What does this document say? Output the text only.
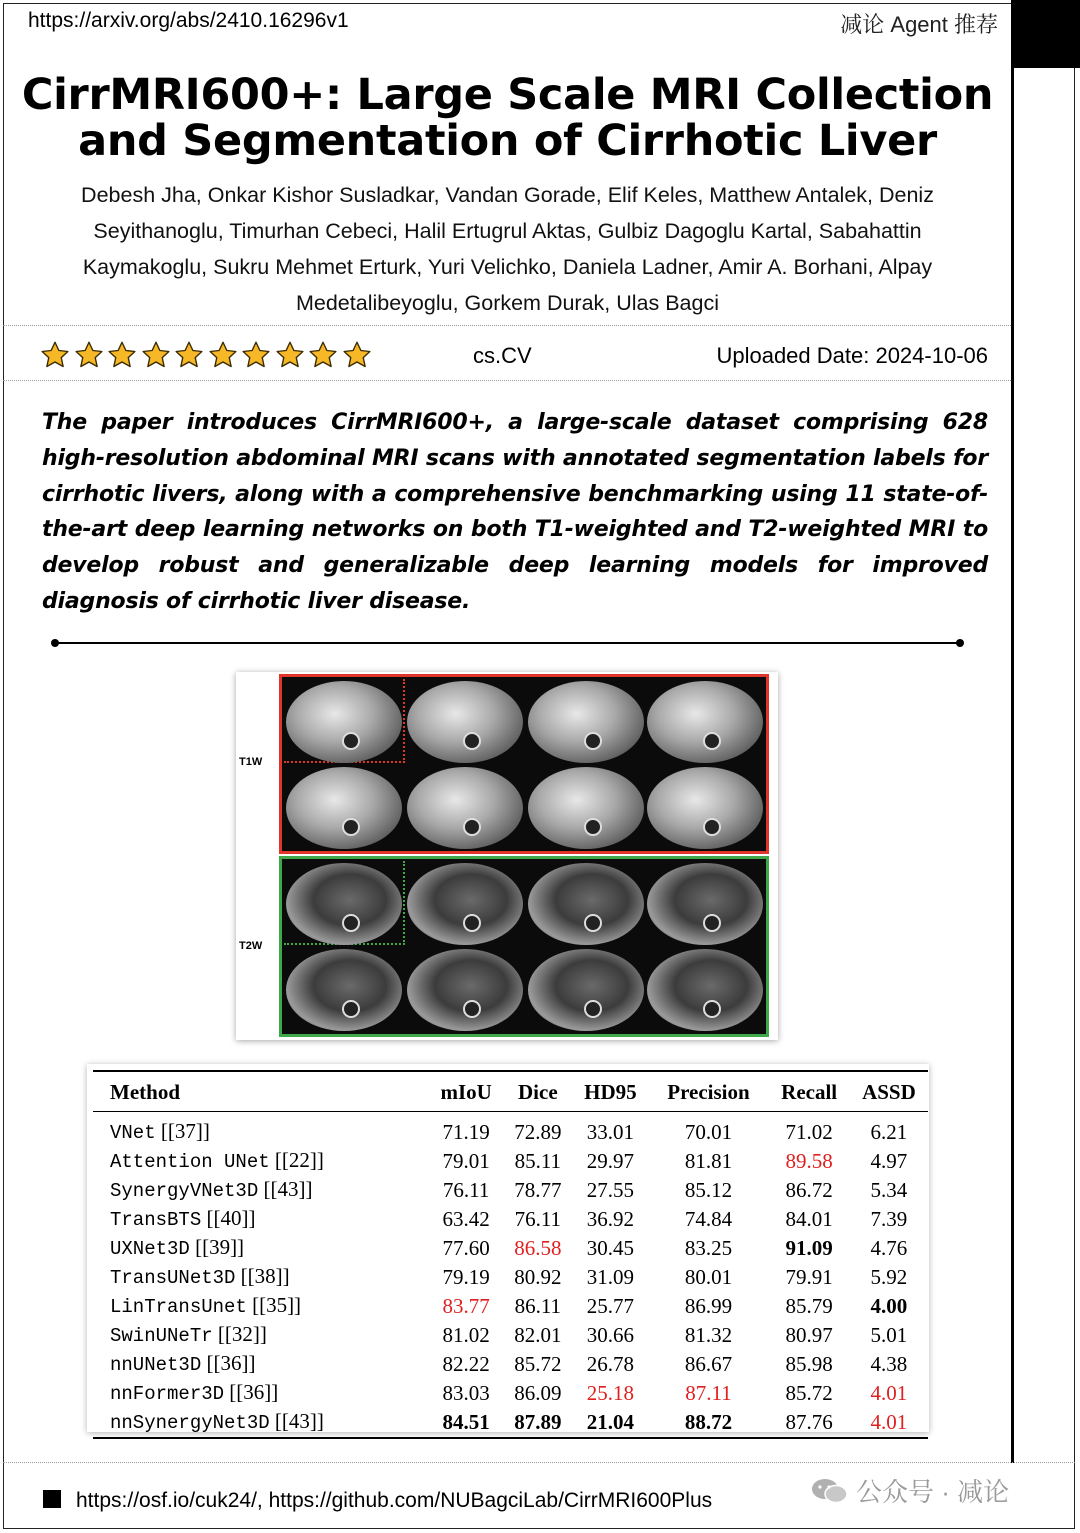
https://arxiv.org/abs/2410.16296v1	减论 Agent 推荐
CirrMRI600+: Large Scale MRI Collection and Segmentation of Cirrhotic Liver
Debesh Jha, Onkar Kishor Susladkar, Vandan Gorade, Elif Keles, Matthew Antalek, Deniz Seyithanoglu, Timurhan Cebeci, Halil Ertugrul Aktas, Gulbiz Dagoglu Kartal, Sabahattin Kaymakoglu, Sukru Mehmet Erturk, Yuri Velichko, Daniela Ladner, Amir A. Borhani, Alpay Medetalibeyoglu, Gorkem Durak, Ulas Bagci
cs.CV	Uploaded Date: 2024-10-06

The paper introduces CirrMRI600+, a large-scale dataset comprising 628 high-resolution abdominal MRI scans with annotated segmentation labels for cirrhotic livers, along with a comprehensive benchmarking using 11 state-of-the-art deep learning networks on both T1-weighted and T2-weighted MRI to develop robust and generalizable deep learning models for improved diagnosis of cirrhotic liver disease.

T1W
T2W

Method	mIoU	Dice	HD95	Precision	Recall	ASSD

VNet [[37]]	71.19	72.89	33.01	70.01	71.02	6.21
Attention UNet [[22]]	79.01	85.11	29.97	81.81	89.58	4.97
SynergyVNet3D [[43]]	76.11	78.77	27.55	85.12	86.72	5.34
TransBTS [[40]]	63.42	76.11	36.92	74.84	84.01	7.39
UXNet3D [[39]]	77.60	86.58	30.45	83.25	91.09	4.76
TransUNet3D [[38]]	79.19	80.92	31.09	80.01	79.91	5.92
LinTransUnet [[35]]	83.77	86.11	25.77	86.99	85.79	4.00
SwinUNeTr [[32]]	81.02	82.01	30.66	81.32	80.97	5.01
nnUNet3D [[36]]	82.22	85.72	26.78	86.67	85.98	4.38
nnFormer3D [[36]]	83.03	86.09	25.18	87.11	85.72	4.01
nnSynergyNet3D [[43]]	84.51	87.89	21.04	88.72	87.76	4.01

https://osf.io/cuk24/, https://github.com/NUBagciLab/CirrMRI600Plus	公众号 · 减论
